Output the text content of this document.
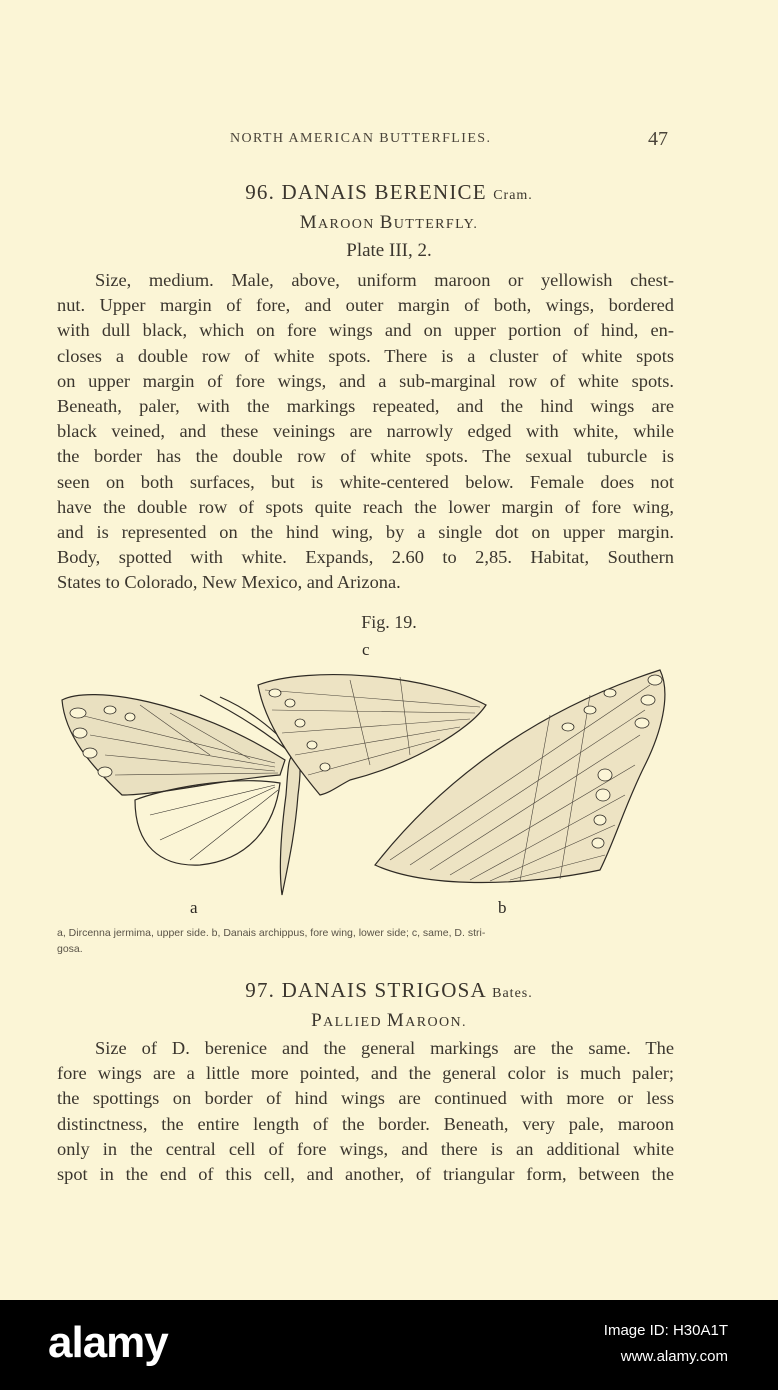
NORTH AMERICAN BUTTERFLIES.	47
96. DANAIS BERENICE Cram.
MAROON BUTTERFLY.
Plate III, 2.
Size, medium. Male, above, uniform maroon or yellowish chest-
nut. Upper margin of fore, and outer margin of both, wings, bordered
with dull black, which on fore wings and on upper portion of hind, en-
closes a double row of white spots. There is a cluster of white spots
on upper margin of fore wings, and a sub-marginal row of white spots.
Beneath, paler, with the markings repeated, and the hind wings are
black veined, and these veinings are narrowly edged with white, while
the border has the double row of white spots. The sexual tuburcle is
seen on both surfaces, but is white-centered below. Female does not
have the double row of spots quite reach the lower margin of fore wing,
and is represented on the hind wing, by a single dot on upper margin.
Body, spotted with white. Expands, 2.60 to 2,85. Habitat, Southern
States to Colorado, New Mexico, and Arizona.
Fig. 19.
c
a	b
a, Dircenna jermima, upper side. b, Danais archippus, fore wing, lower side; c, same, D. stri-
gosa.
97. DANAIS STRIGOSA Bates.
PALLIED MAROON.
Size of D. berenice and the general markings are the same. The
fore wings are a little more pointed, and the general color is much paler;
the spottings on border of hind wings are continued with more or less
distinctness, the entire length of the border. Beneath, very pale, maroon
only in the central cell of fore wings, and there is an additional white
spot in the end of this cell, and another, of triangular form, between the
alamy	Image ID: H30A1T
www.alamy.com
